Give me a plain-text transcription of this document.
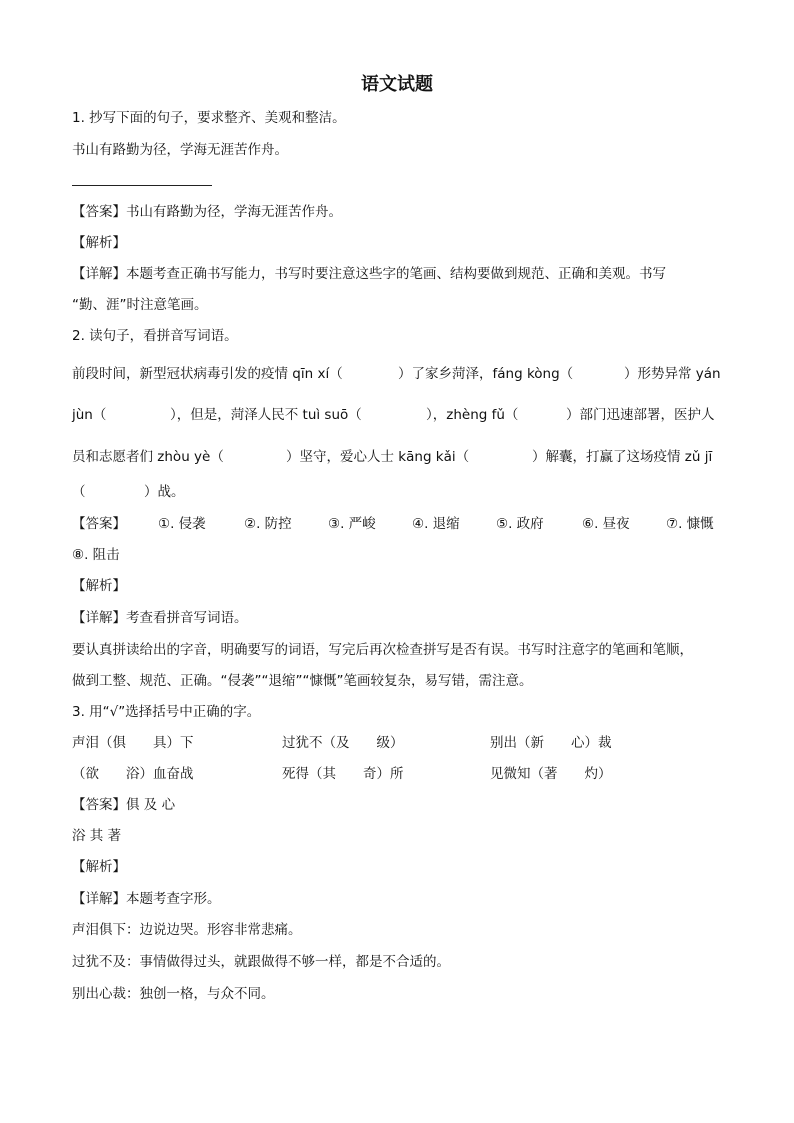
语文试题
1. 抄写下面的句子，要求整齐、美观和整洁。
书山有路勤为径，学海无涯苦作舟。
【答案】书山有路勤为径，学海无涯苦作舟。
【解析】
【详解】本题考查正确书写能力，书写时要注意这些字的笔画、结构要做到规范、正确和美观。书写
“勤、涯”时注意笔画。
2. 读句子，看拼音写词语。
前段时间，新型冠状病毒引发的疫情 qīn xí（	）了家乡菏泽，fáng kòng（	）形势异常 yán
jùn（	），但是，菏泽人民不 tuì suō（	），zhèng fǔ（	）部门迅速部署，医护人
员和志愿者们 zhòu yè（	）坚守，爱心人士 kāng kǎi（	）解囊，打赢了这场疫情 zǔ jī
（	）战。
【答案】 ①. 侵袭	②. 防控	③. 严峻	④. 退缩	⑤. 政府	⑥. 昼夜	⑦. 慷慨
⑧. 阻击
【解析】
【详解】考查看拼音写词语。
要认真拼读给出的字音，明确要写的词语，写完后再次检查拼写是否有误。书写时注意字的笔画和笔顺，
做到工整、规范、正确。“侵袭”“退缩”“慷慨”笔画较复杂，易写错，需注意。
3. 用“√”选择括号中正确的字。
声泪（俱　　具）下	过犹不（及　　级）	别出（新　　心）裁
（欲　　浴）血奋战	死得（其　　奇）所	见微知（著　　灼）
【答案】俱 及 心
浴 其 著
【解析】
【详解】本题考查字形。
声泪俱下：边说边哭。形容非常悲痛。
过犹不及：事情做得过头，就跟做得不够一样，都是不合适的。
别出心裁：独创一格，与众不同。
